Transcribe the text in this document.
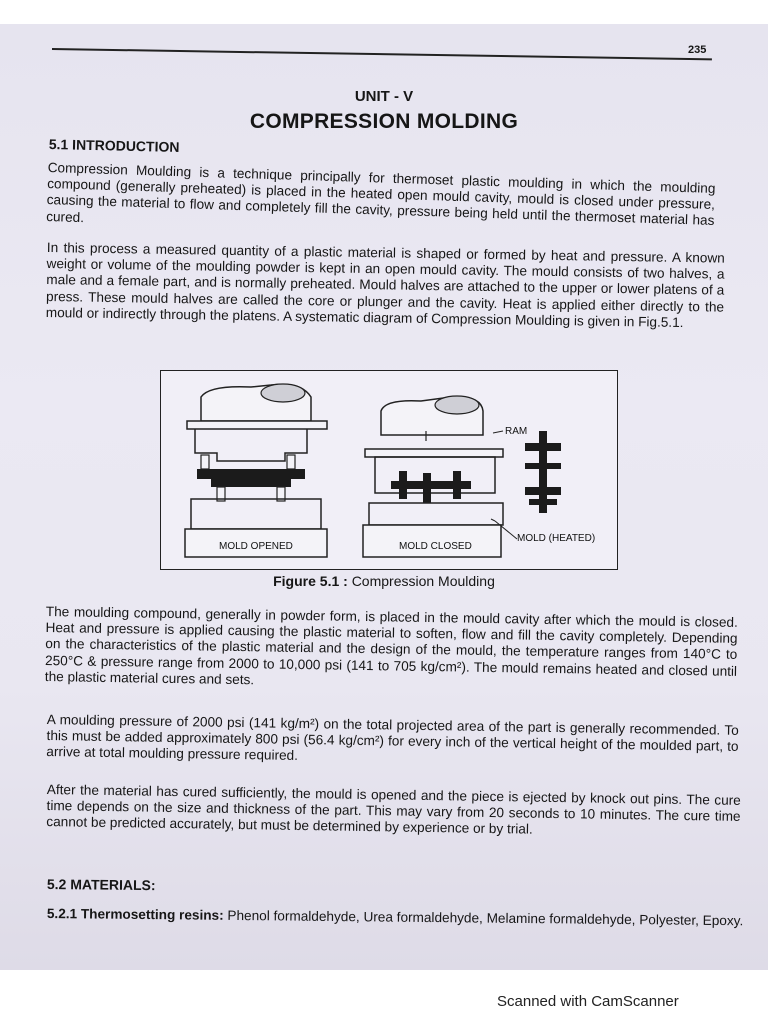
235
UNIT - V
COMPRESSION MOLDING
5.1 INTRODUCTION
Compression Moulding is a technique principally for thermoset plastic moulding in which the moulding compound (generally preheated) is placed in the heated open mould cavity, mould is closed under pressure, causing the material to flow and completely fill the cavity, pressure being held until the thermoset material has cured.
In this process a measured quantity of a plastic material is shaped or formed by heat and pressure. A known weight or volume of the moulding powder is kept in an open mould cavity. The mould consists of two halves, a male and a female part, and is normally preheated. Mould halves are attached to the upper or lower platens of a press. These mould halves are called the core or plunger and the cavity. Heat is applied either directly to the mould or indirectly through the platens. A systematic diagram of Compression Moulding is given in Fig.5.1.
MOLD OPENED	MOLD CLOSED
RAM
MOLD (HEATED)
Figure 5.1 : Compression Moulding
The moulding compound, generally in powder form, is placed in the mould cavity after which the mould is closed. Heat and pressure is applied causing the plastic material to soften, flow and fill the cavity completely. Depending on the characteristics of the plastic material and the design of the mould, the temperature ranges from 140°C to 250°C & pressure range from 2000 to 10,000 psi (141 to 705 kg/cm²). The mould remains heated and closed until the plastic material cures and sets.
A moulding pressure of 2000 psi (141 kg/m²) on the total projected area of the part is generally recommended. To this must be added approximately 800 psi (56.4 kg/cm²) for every inch of the vertical height of the moulded part, to arrive at total moulding pressure required.
After the material has cured sufficiently, the mould is opened and the piece is ejected by knock out pins. The cure time depends on the size and thickness of the part. This may vary from 20 seconds to 10 minutes. The cure time cannot be predicted accurately, but must be determined by experience or by trial.
5.2 MATERIALS:
5.2.1 Thermosetting resins: Phenol formaldehyde, Urea formaldehyde, Melamine formaldehyde, Polyester, Epoxy.
Scanned with CamScanner
